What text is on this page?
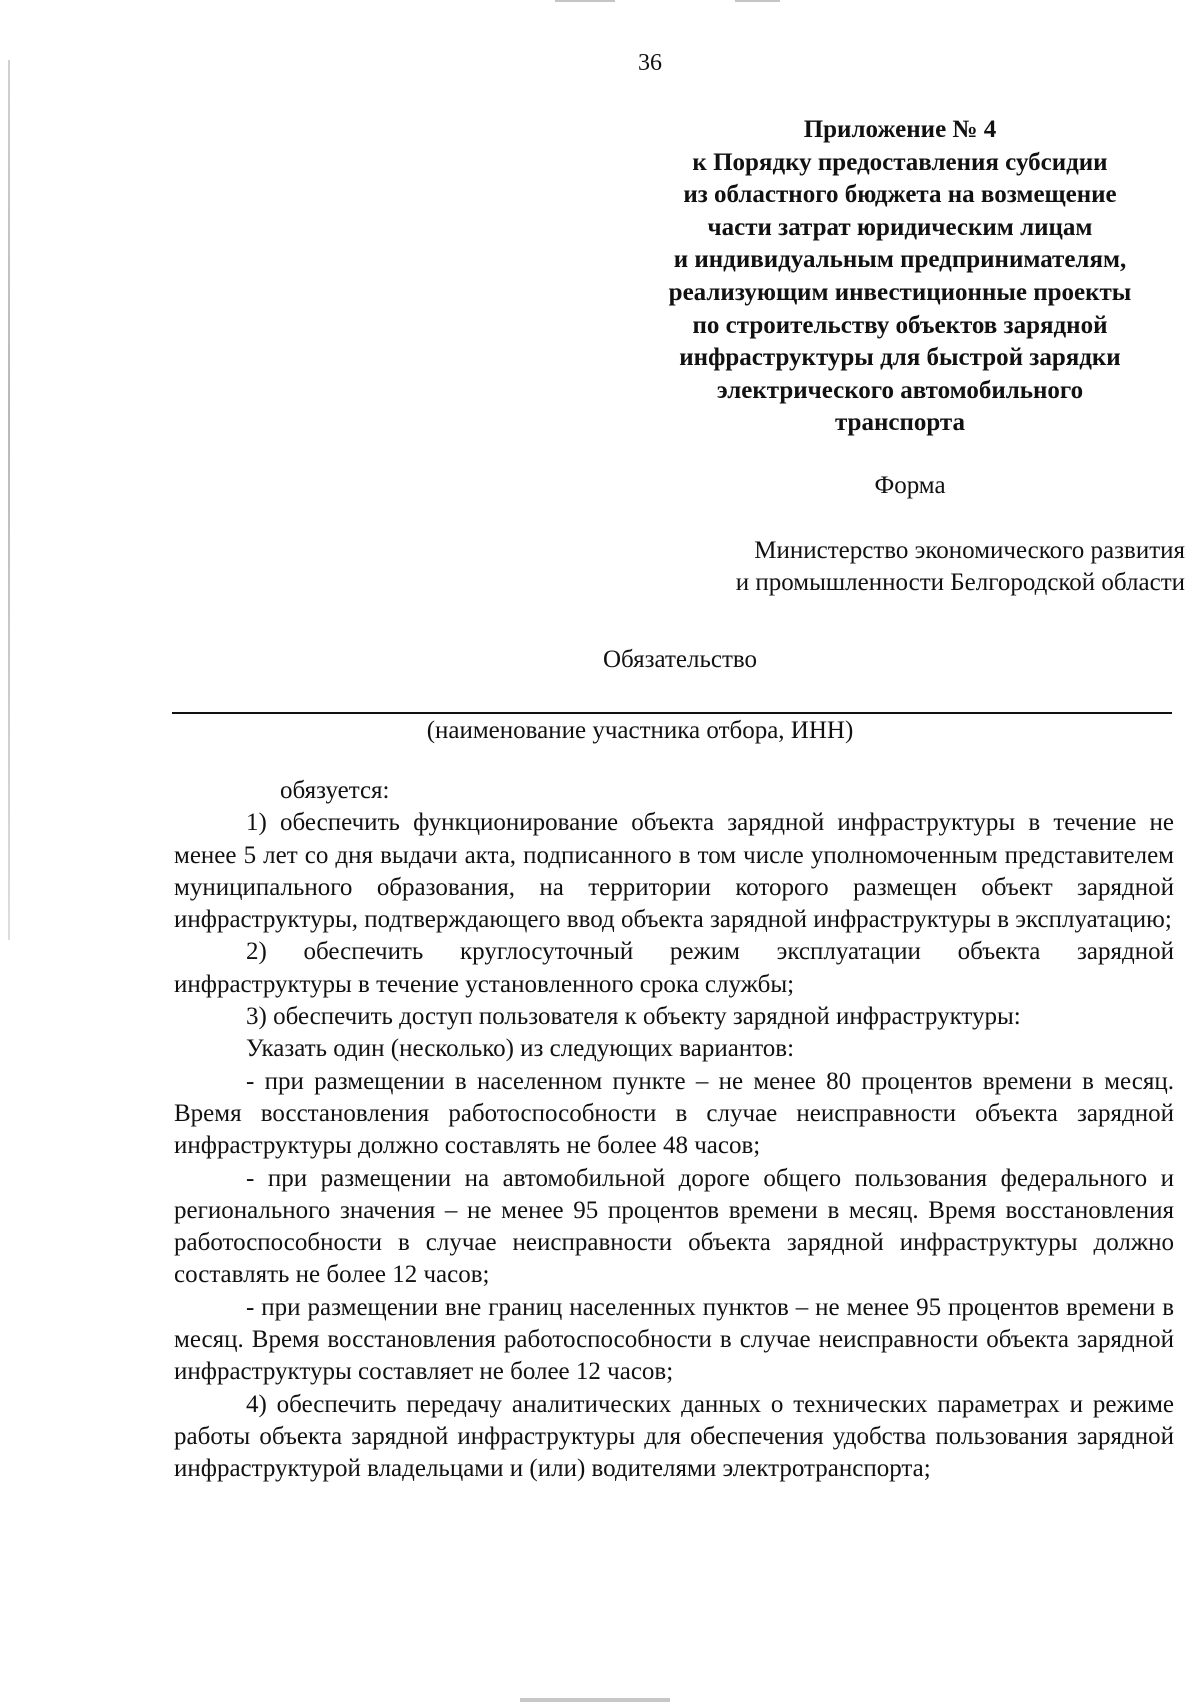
36
Приложение № 4
к Порядку предоставления субсидии
из областного бюджета на возмещение
части затрат юридическим лицам
и индивидуальным предпринимателям,
реализующим инвестиционные проекты
по строительству объектов зарядной
инфраструктуры для быстрой зарядки
электрического автомобильного
транспорта
Форма
Министерство экономического развития
и промышленности Белгородской области
Обязательство
(наименование участника отбора, ИНН)

обязуется:

1) обеспечить функционирование объекта зарядной инфраструктуры в течение не менее 5 лет со дня выдачи акта, подписанного в том числе уполномоченным представителем муниципального образования, на территории которого размещен объект зарядной инфраструктуры, подтверждающего ввод объекта зарядной инфраструктуры в эксплуатацию;

2) обеспечить круглосуточный режим эксплуатации объекта зарядной инфраструктуры в течение установленного срока службы;

3) обеспечить доступ пользователя к объекту зарядной инфраструктуры:

Указать один (несколько) из следующих вариантов:

- при размещении в населенном пункте – не менее 80 процентов времени в месяц. Время восстановления работоспособности в случае неисправности объекта зарядной инфраструктуры должно составлять не более 48 часов;

- при размещении на автомобильной дороге общего пользования федерального и регионального значения – не менее 95 процентов времени в месяц. Время восстановления работоспособности в случае неисправности объекта зарядной инфраструктуры должно составлять не более 12 часов;

- при размещении вне границ населенных пунктов – не менее 95 процентов времени в месяц. Время восстановления работоспособности в случае неисправности объекта зарядной инфраструктуры составляет не более 12 часов;

4) обеспечить передачу аналитических данных о технических параметрах и режиме работы объекта зарядной инфраструктуры для обеспечения удобства пользования зарядной инфраструктурой владельцами и (или) водителями электротранспорта;
